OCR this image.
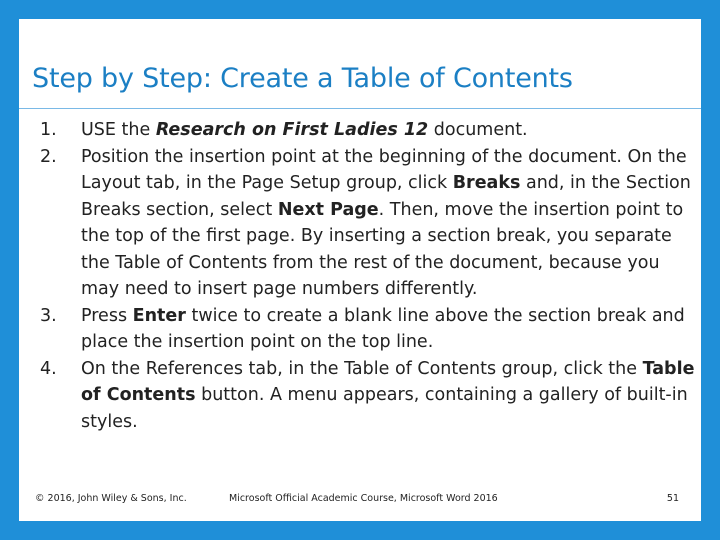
Step by Step: Create a Table of Contents
1. USE the Research on First Ladies 12 document.
2. Position the insertion point at the beginning of the document. On the Layout tab, in the Page Setup group, click Breaks and, in the Section Breaks section, select Next Page. Then, move the insertion point to the top of the first page. By inserting a section break, you separate the Table of Contents from the rest of the document, because you may need to insert page numbers differently.
3. Press Enter twice to create a blank line above the section break and place the insertion point on the top line.
4. On the References tab, in the Table of Contents group, click the Table of Contents button. A menu appears, containing a gallery of built-in styles.
© 2016, John Wiley & Sons, Inc.	Microsoft Official Academic Course, Microsoft Word 2016	51
